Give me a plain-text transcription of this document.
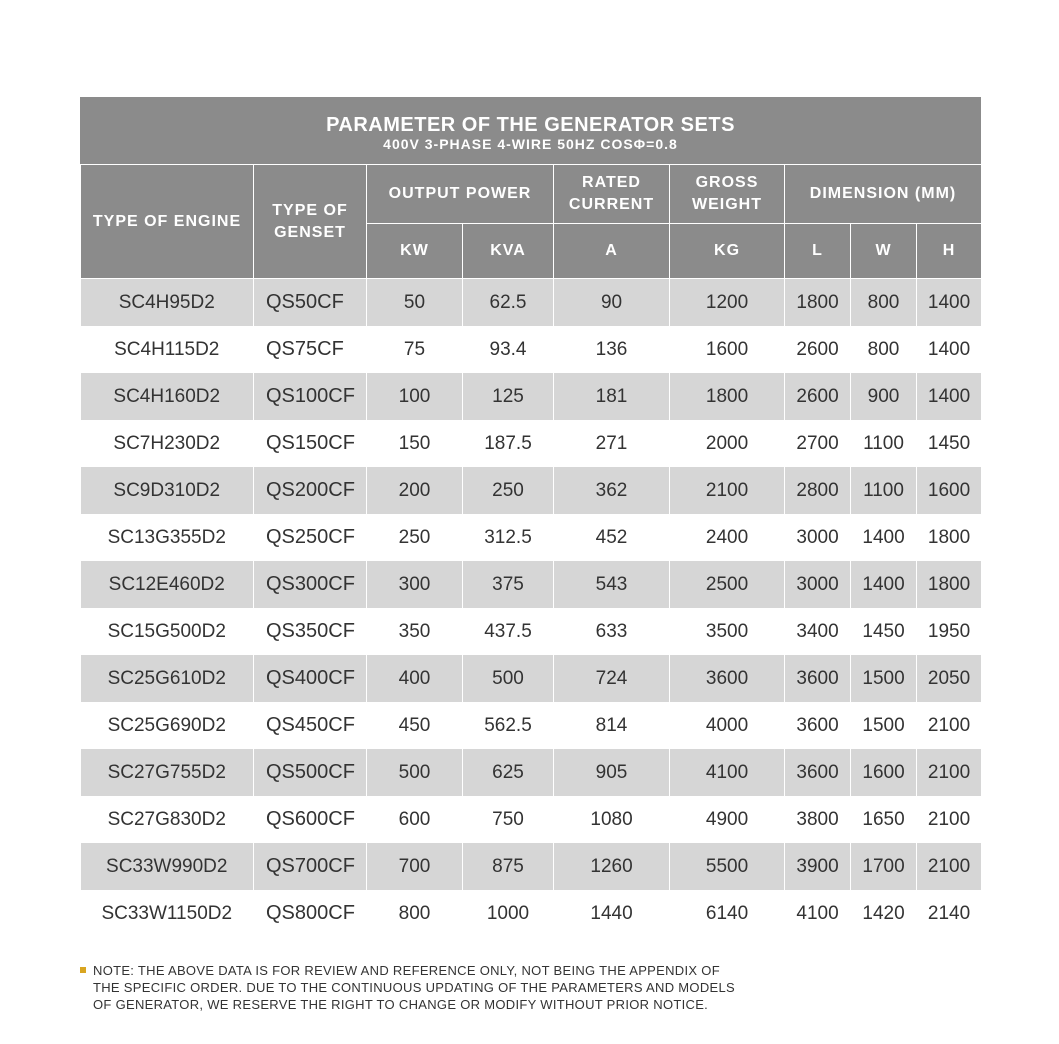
PARAMETER OF THE GENERATOR SETS
400V 3-PHASE 4-WIRE 50HZ COSΦ=0.8
TYPE OF ENGINE	TYPE OF GENSET	OUTPUT POWER		RATED CURRENT	GROSS WEIGHT	DIMENSION (MM)		
		KW	KVA	A	KG	L	W	H
SC4H95D2	QS50CF	50	62.5	90	1200	1800	800	1400
SC4H115D2	QS75CF	75	93.4	136	1600	2600	800	1400
SC4H160D2	QS100CF	100	125	181	1800	2600	900	1400
SC7H230D2	QS150CF	150	187.5	271	2000	2700	1100	1450
SC9D310D2	QS200CF	200	250	362	2100	2800	1100	1600
SC13G355D2	QS250CF	250	312.5	452	2400	3000	1400	1800
SC12E460D2	QS300CF	300	375	543	2500	3000	1400	1800
SC15G500D2	QS350CF	350	437.5	633	3500	3400	1450	1950
SC25G610D2	QS400CF	400	500	724	3600	3600	1500	2050
SC25G690D2	QS450CF	450	562.5	814	4000	3600	1500	2100
SC27G755D2	QS500CF	500	625	905	4100	3600	1600	2100
SC27G830D2	QS600CF	600	750	1080	4900	3800	1650	2100
SC33W990D2	QS700CF	700	875	1260	5500	3900	1700	2100
SC33W1150D2	QS800CF	800	1000	1440	6140	4100	1420	2140
NOTE: THE ABOVE DATA IS FOR REVIEW AND REFERENCE ONLY, NOT BEING THE APPENDIX OF
THE SPECIFIC ORDER. DUE TO THE CONTINUOUS UPDATING OF THE PARAMETERS AND MODELS
OF GENERATOR, WE RESERVE THE RIGHT TO CHANGE OR MODIFY WITHOUT PRIOR NOTICE.
